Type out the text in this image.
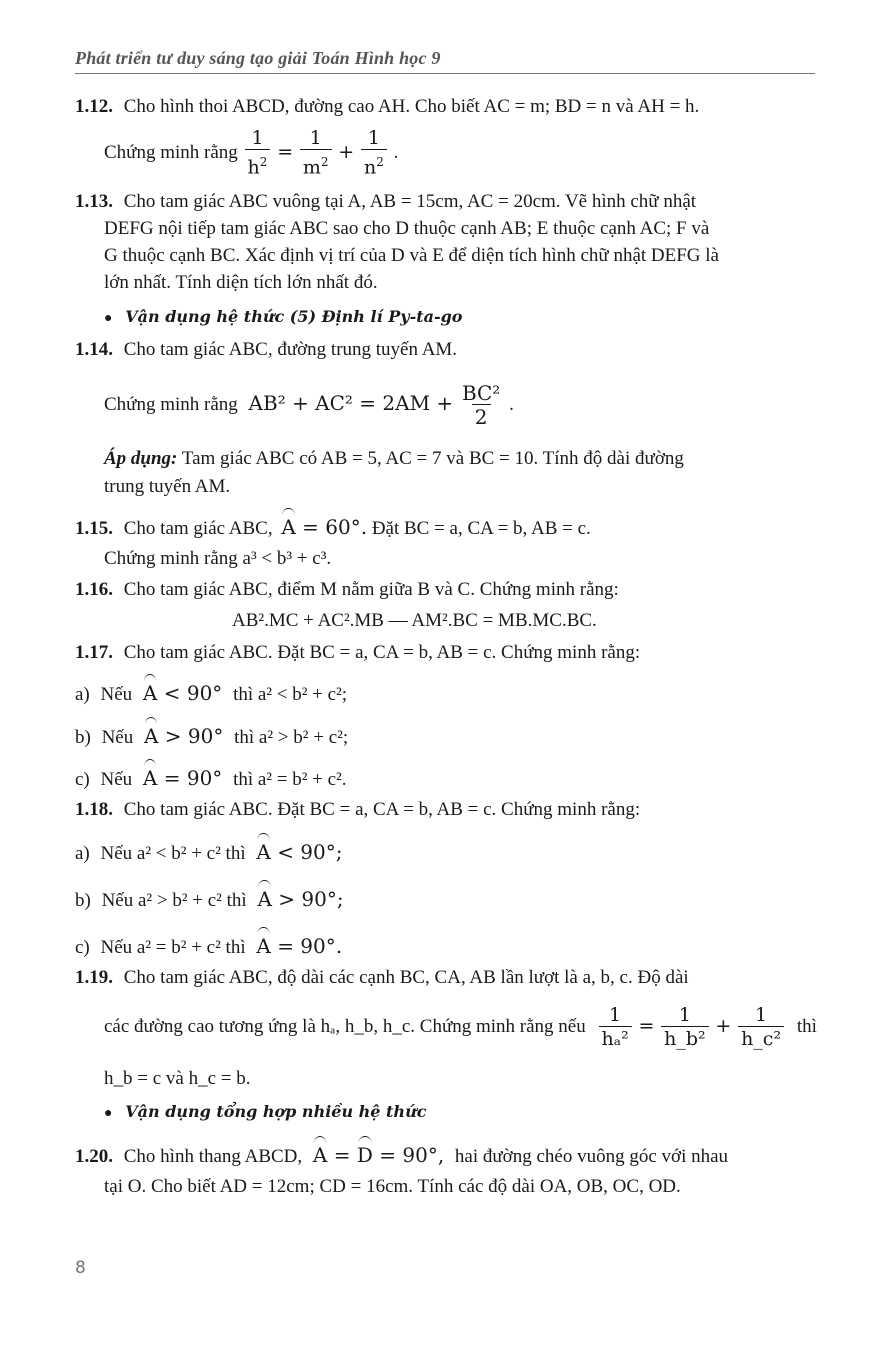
Phát triển tư duy sáng tạo giải Toán Hình học 9
1.12. Cho hình thoi ABCD, đường cao AH. Cho biết AC = m; BD = n và AH = h.
Chứng minh rằng $\frac{1}{h^2} = \frac{1}{m^2} + \frac{1}{n^2}$ .
1.13. Cho tam giác ABC vuông tại A, AB = 15cm, AC = 20cm. Vẽ hình chữ nhật
DEFG nội tiếp tam giác ABC sao cho D thuộc cạnh AB; E thuộc cạnh AC; F và
G thuộc cạnh BC. Xác định vị trí của D và E để diện tích hình chữ nhật DEFG là
lớn nhất. Tính diện tích lớn nhất đó.
● Vận dụng hệ thức (5) Định lí Py-ta-go
1.14. Cho tam giác ABC, đường trung tuyến AM.
Chứng minh rằng $AB^2 + AC^2 = 2AM + \frac{\text{BC²}}{2}$ .
Áp dụng: Tam giác ABC có AB = 5, AC = 7 và BC = 10. Tính độ dài đường
trung tuyến AM.
1.15. Cho tam giác ABC, A = 60°. Đặt BC = a, CA = b, AB = c.
Chứng minh rằng a³ < b³ + c³.
1.16. Cho tam giác ABC, điểm M nằm giữa B và C. Chứng minh rằng:
AB².MC + AC².MB — AM².BC = MB.MC.BC.
1.17. Cho tam giác ABC. Đặt BC = a, CA = b, AB = c. Chứng minh rằng:
a) Nếu A < 90° thì a² < b² + c²;
b) Nếu A > 90° thì a² > b² + c²;
c) Nếu A = 90° thì a² = b² + c².
1.18. Cho tam giác ABC. Đặt BC = a, CA = b, AB = c. Chứng minh rằng:
a) Nếu a² < b² + c² thì A < 90°;
b) Nếu a² > b² + c² thì A > 90°;
c) Nếu a² = b² + c² thì A = 90°.
1.19. Cho tam giác ABC, độ dài các cạnh BC, CA, AB lần lượt là a, b, c. Độ dài
các đường cao tương ứng là hₐ, h_b, h_c. Chứng minh rằng nếu $\frac{1}{\text{hₐ²}} = \frac{1}{\text{h\_b²}} + \frac{1}{\text{h\_c²}}$ thì
h_b = c và h_c = b.
● Vận dụng tổng hợp nhiều hệ thức
1.20. Cho hình thang ABCD, A = D = 90°, hai đường chéo vuông góc với nhau
tại O. Cho biết AD = 12cm; CD = 16cm. Tính các độ dài OA, OB, OC, OD.
8
